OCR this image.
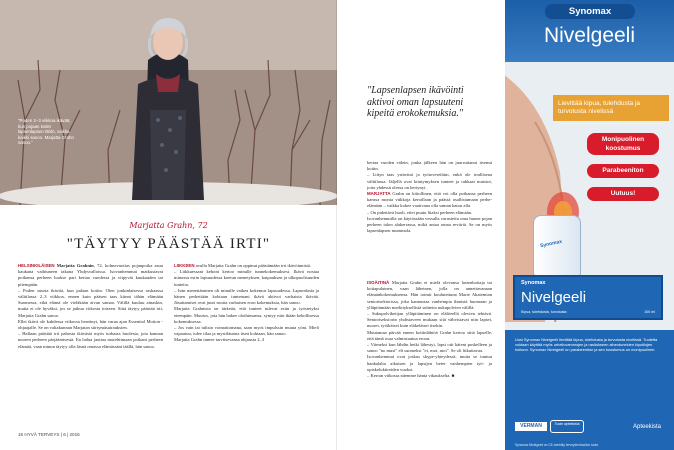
"Poden 2–3 viikkoa ikävää, kun pojaan kotiin lapsenlapsen lähtö, vaikka kaikki sanoo. Marjatta Grahn sanoo."
Marjatta Grahn, 72
"TÄYTYY PÄÄSTÄÄ IRTI"

HELSINKILÄISEN Marjatta Grahnin, 72, kolmevuotias pojanpoika asuu kaukana vaihtuneen takana Yhdysvalloissa. Isovanhemmat matkustavat poikansa perheen luokse pari kertaa vuodessa ja viipyvät kuukauden tai pitempään.

– Poden suurta ikävää, kun palaan kotiin. Olen jonkinlaisessa raskaassa välitilassa 2–3 viikkoa, ennen kuin pääsen taas kiinni tähän elämään Suomessa, eikä elämä ole vieläkään aivan samaa. Välillä kuuluu ainaskin, mutta ei ole hyväksi, jos se jatkuu viikosta toiseen. Siitä täytyy päästää irti, Marjatta Grahn sanoo.

Ellei ikävä ole kahdessa viikossa hereänyt, hän varaa ajan Essential Motion -ohjaajalle. Se on valtakunnan Marjatan siirtymäsairauksien.

– Hallaan päästää irti pahosta ikävästä myös turhasta huolesta, jota kannan nuoren perheen pärjäämisestä. En halua jauttaa murehtimaan poikani perheen elämää, vaan minun täytyy olla läsnä omassa elämässäni täällä, hän sanoo.

LIIKKEEN avulla Marjatta Grahn on oppinut päästämään irti ikävöinnistä.

– Liikkuessani kehoni kertoo minulle tunnekokemuksesi. Ikävä nostaa minussa esiin lapsuudessa koetun menetyksen, kaipauksen ja ulkopuolisuuden tunteita.

– Isän menettäminen oli minulle vaikea kokemus lapsuudessa. Lapsenlasta ja hänen perhettään kohtaan tuntemani ikävä aktivoi varhaista ikävää. Jäsuttamiset ovat juuri nostta varhaisen eron kokemuksia, hän sanoo.

Marjatta Grahnista on tärkeää, että tunteet tulevat esiin ja työstetyksi eteenpäin. Muutos, jota hän hakee oloihinsansa, syntyy niin ikään kehollisessa kokemuksessa.

– Jos vain tai tulisin voimattomana, saan myös impulssin muuta yöni. Mieli vapautuu, tulee tilaa ja mystiläumia itseä kohtaan, hän sanoo.

Marjatta Grahn tuntee tarvitsevansa ohjausta 2–3

16 HYVÄ TERVEYS | 6 | 2016
"Lapsenlapsen ikävöinti aktivoi oman lapsuuteni kipeitä erokokemuksia."

kertaa vuoden välein, jonka jälkeen hän on juurruttanut itsensä kotiin.

– Liityn taas ystäviini ja työtovereihini, enkä ole irrallisena välitilassa. Jäljellä ovat kiintymyksen tunteet ja rakkaat muistot, joita yhdessä olessa on kertynyt.

MARJATTA Grahn on kiitollinen, että voi olla poikansa perheen kanssa monia viikkoja kerrallaan ja päästä osallistumaan perhe-elämään – vaikka kokee vaativana olla saman katon alla.

– On pidettävä huoli, ettei puutu liiaksi perheen elämään.

Isovanhemmilla on käytössään vessalla varustettu oma huone pojan perheen talon alakerrassa, mikä antaa omaa reviiriä. Se on myös lapsenlapsen mummola.

ISOÄITINÄ Marjatta Grahn ei mielä olevansa lastenhoitaja tai kotiapulainen, vaan läheinen, jolla on annettavanaan elämänkokemuksensa. Hän toimii koulutettuna Marie Akatemian seniorisektorissa, joka kannustaa vanhempia ihmisiä huomaan ja ylläpitämään merkityksellisiä suhteita nukupolvien välillä.

– Sukupolvikeitjan ylläpitäminen on elälöeellä olevien tehtävä. Senioriseksiorin yhdistaveen mukaan sitä vähvistavat niin lapset, nuoret, työikäiset kuin eläkeläiset itsekin.

Muutamaa päivää ennen kotiinlähtöä Grahn kertoo siitä lapselle, että tämä osaa valmistautua eroon.

– Viimeksi kun lähdin hetki lähestyi, lapsi otti käteni poskelleen ja sanoo "no must" eli suomeksi "ei, moi, moi". Se oli liikuttavaa.

Isovanhemmat ovat joskus skype-yhteydessä, mutta se tuntuu hankalalta aikuisen ja lapsijen beter vanhempien työ- ja opiskelukiireiden vuoksi.

– Kerran viikossa näemme hänta vikaukselta. ■

Synomax
Nivelgeeli
Lievittää kipua, tulehdusta ja turvotusta nivelissä
Monipuolinen koostumus
Parabeeniton
Uutuus!
Synomax
Synomax
Nivelgeeli
Kipua, tulehdusta, turvotusta	100 ml
Uusi Synomax Nivelgeeli lievittää kipua, tulehdusta ja turvotusta nivelissä. Tuotetta voidaan käyttää myös urheiluvammojen ja rasitukseen aiheutuneiden kiputilojen hoitoon. Synomax Nivelgeeli on parabeeniton ja sen koostumus on monipuolinen.
VERMAN	Tuote apteekista	Apteekista
Synomax Nivelgeeli on CE-merkitty terveydenhuollon tuote.
